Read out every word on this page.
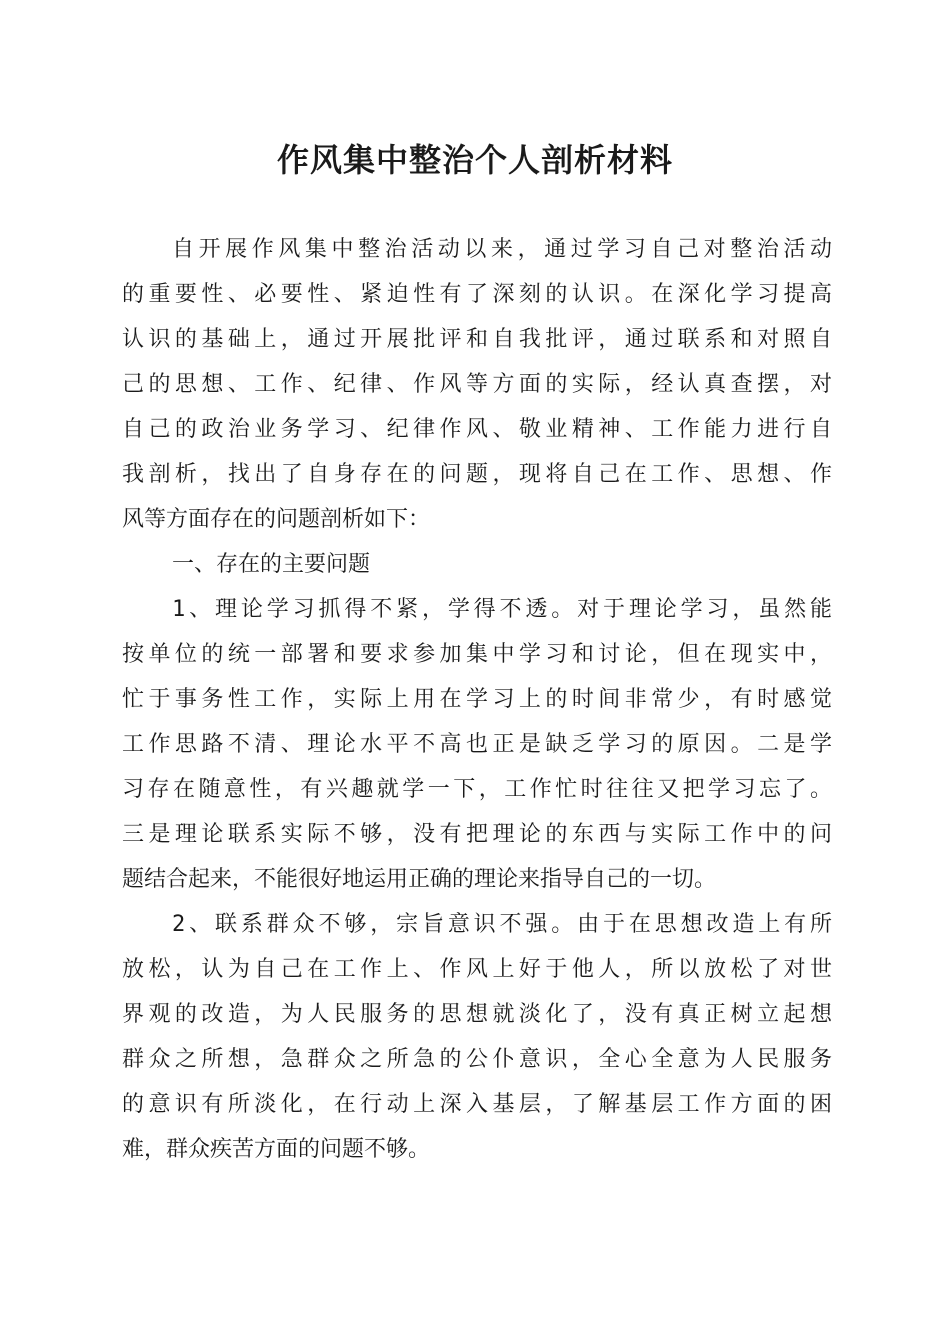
作风集中整治个人剖析材料

自开展作风集中整治活动以来，通过学习自己对整治活动

的重要性、必要性、紧迫性有了深刻的认识。在深化学习提高

认识的基础上，通过开展批评和自我批评，通过联系和对照自

己的思想、工作、纪律、作风等方面的实际，经认真查摆，对

自己的政治业务学习、纪律作风、敬业精神、工作能力进行自

我剖析，找出了自身存在的问题，现将自己在工作、思想、作

风等方面存在的问题剖析如下：

一、存在的主要问题

1、理论学习抓得不紧，学得不透。对于理论学习，虽然能

按单位的统一部署和要求参加集中学习和讨论，但在现实中，

忙于事务性工作，实际上用在学习上的时间非常少，有时感觉

工作思路不清、理论水平不高也正是缺乏学习的原因。二是学

习存在随意性，有兴趣就学一下，工作忙时往往又把学习忘了。

三是理论联系实际不够，没有把理论的东西与实际工作中的问

题结合起来，不能很好地运用正确的理论来指导自己的一切。

2、联系群众不够，宗旨意识不强。由于在思想改造上有所

放松，认为自己在工作上、作风上好于他人，所以放松了对世

界观的改造，为人民服务的思想就淡化了，没有真正树立起想

群众之所想，急群众之所急的公仆意识，全心全意为人民服务

的意识有所淡化，在行动上深入基层，了解基层工作方面的困

难，群众疾苦方面的问题不够。
